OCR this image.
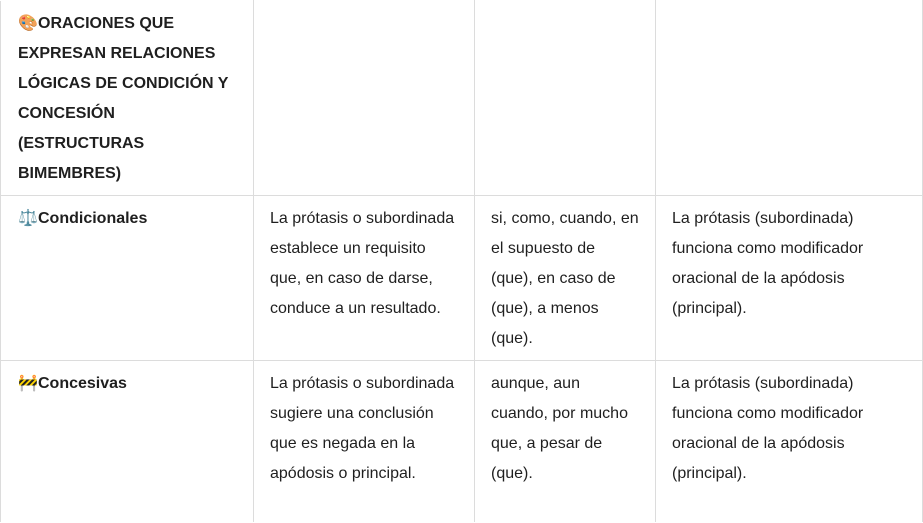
🎨ORACIONES QUE EXPRESAN RELACIONES LÓGICAS DE CONDICIÓN Y CONCESIÓN (ESTRUCTURAS BIMEMBRES)			
⚖️Condicionales	La prótasis o subordinada establece un requisito que, en caso de darse, conduce a un resultado.	si, como, cuando, en el supuesto de (que), en caso de (que), a menos (que).	La prótasis (subordinada) funciona como modificador oracional de la apódosis (principal).
🚧Concesivas	La prótasis o subordinada sugiere una conclusión que es negada en la apódosis o principal.	aunque, aun cuando, por mucho que, a pesar de (que).	La prótasis (subordinada) funciona como modificador oracional de la apódosis (principal).
